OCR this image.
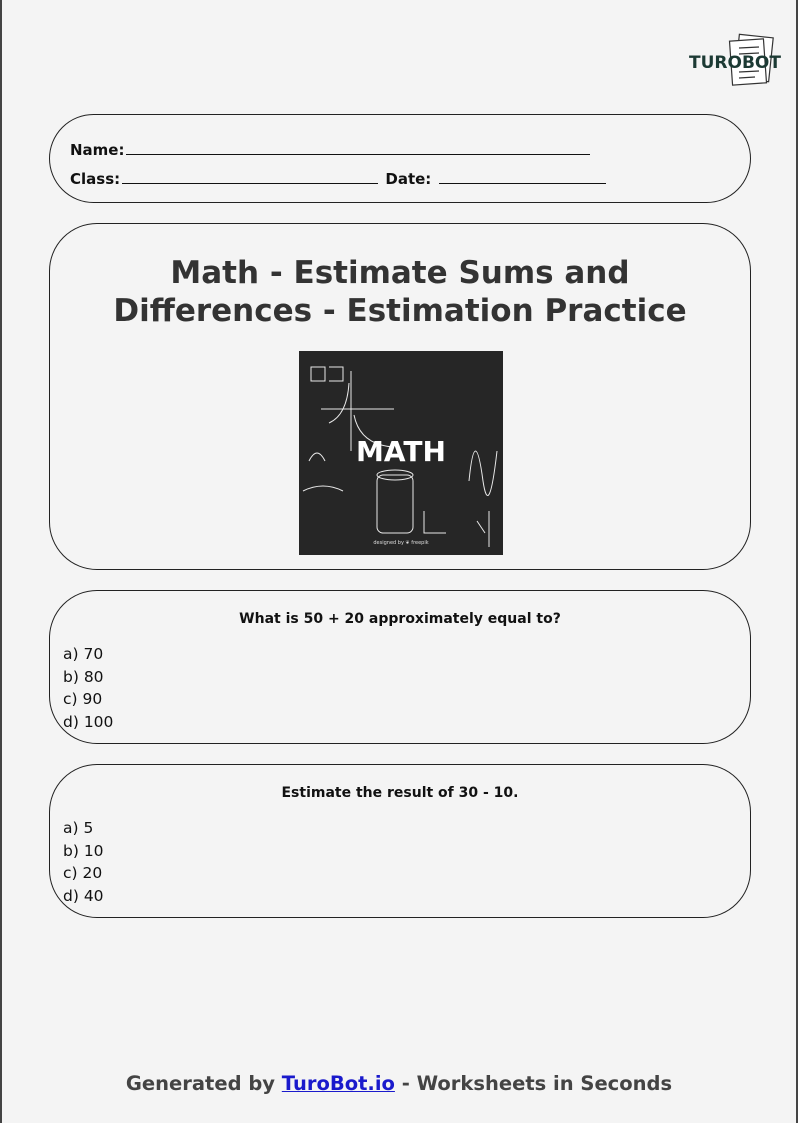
TUROBOT
Name:
Class:	Date:
Math - Estimate Sums and
Differences - Estimation Practice
MATH
designed by ❦ freepik
What is 50 + 20 approximately equal to?
a) 70
b) 80
c) 90
d) 100
Estimate the result of 30 - 10.
a) 5
b) 10
c) 20
d) 40
Generated by TuroBot.io - Worksheets in Seconds
